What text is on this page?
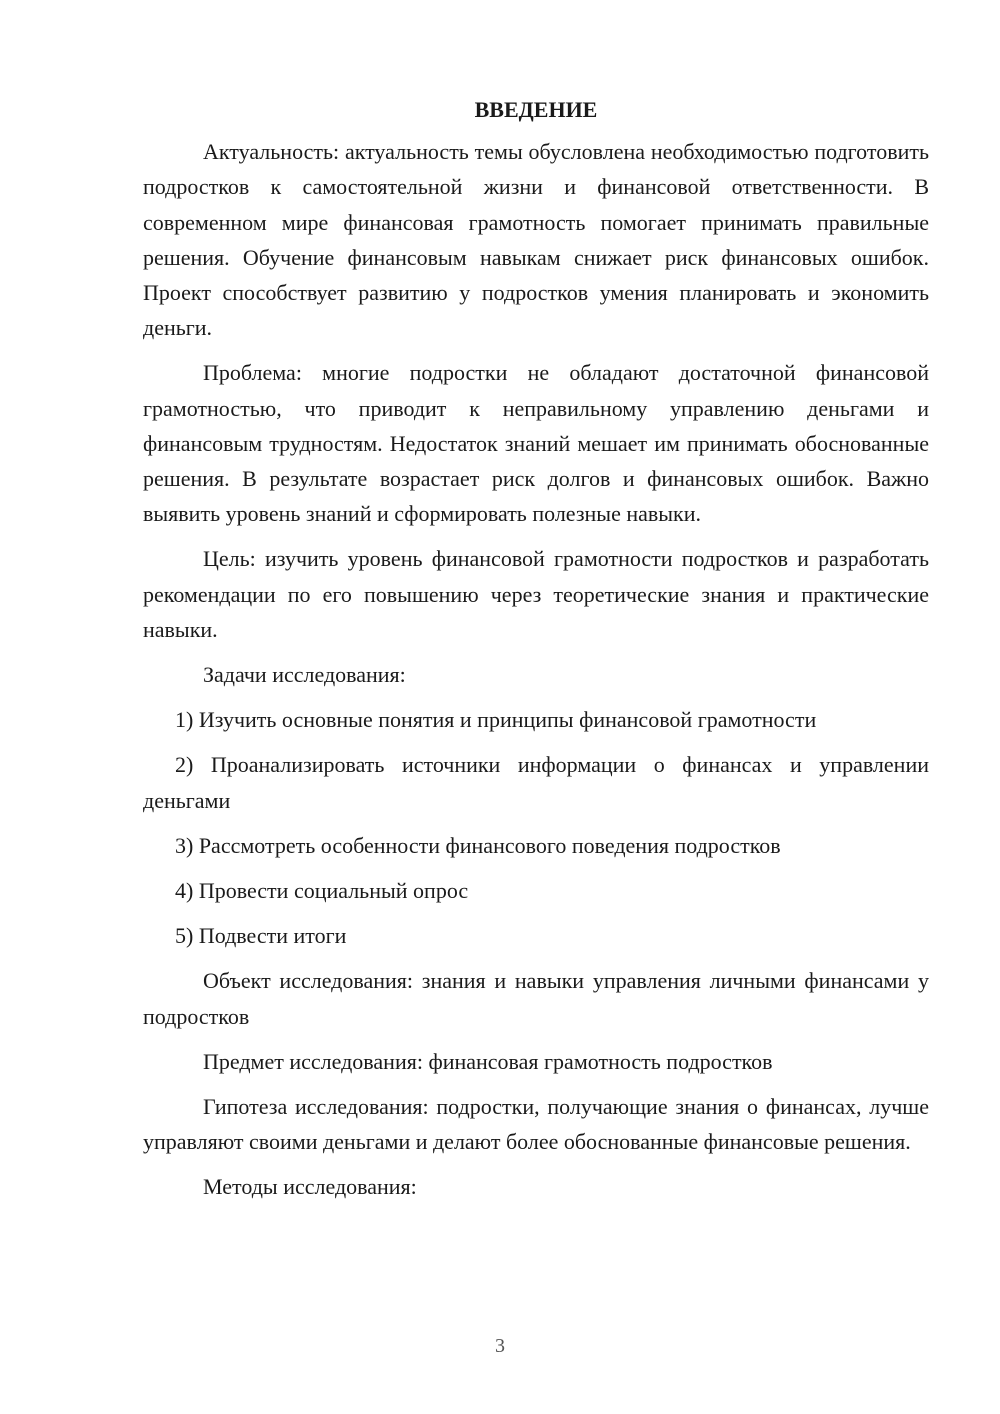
ВВЕДЕНИЕ

Актуальность: актуальность темы обусловлена необходимостью подготовить подростков к самостоятельной жизни и финансовой ответственности. В современном мире финансовая грамотность помогает принимать правильные решения. Обучение финансовым навыкам снижает риск финансовых ошибок. Проект способствует развитию у подростков умения планировать и экономить деньги.

Проблема: многие подростки не обладают достаточной финансовой грамотностью, что приводит к неправильному управлению деньгами и финансовым трудностям. Недостаток знаний мешает им принимать обоснованные решения. В результате возрастает риск долгов и финансовых ошибок. Важно выявить уровень знаний и сформировать полезные навыки.

Цель: изучить уровень финансовой грамотности подростков и разработать рекомендации по его повышению через теоретические знания и практические навыки.

Задачи исследования:

1) Изучить основные понятия и принципы финансовой грамотности

2) Проанализировать источники информации о финансах и управлении деньгами

3) Рассмотреть особенности финансового поведения подростков

4) Провести социальный опрос

5) Подвести итоги

Объект исследования: знания и навыки управления личными финансами у подростков

Предмет исследования: финансовая грамотность подростков

Гипотеза исследования: подростки, получающие знания о финансах, лучше управляют своими деньгами и делают более обоснованные финансовые решения.

Методы исследования:

3
